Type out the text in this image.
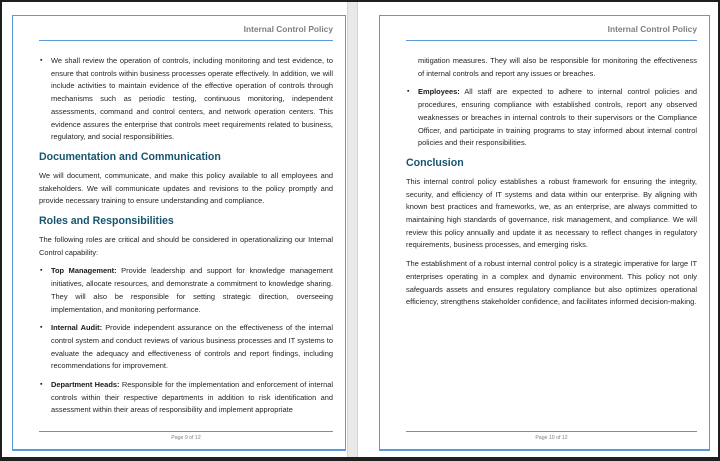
Internal Control Policy
▪ We shall review the operation of controls, including monitoring and test evidence, to ensure that controls within business processes operate effectively. In addition, we will include activities to maintain evidence of the effective operation of controls through mechanisms such as periodic testing, continuous monitoring, independent assessments, command and control centers, and network operation centers. This evidence assures the enterprise that controls meet requirements related to business, regulatory, and social responsibilities.
Documentation and Communication

We will document, communicate, and make this policy available to all employees and stakeholders. We will communicate updates and revisions to the policy promptly and provide necessary training to ensure understanding and compliance.

Roles and Responsibilities

The following roles are critical and should be considered in operationalizing our Internal Control capability:

▪ Top Management: Provide leadership and support for knowledge management initiatives, allocate resources, and demonstrate a commitment to knowledge sharing. They will also be responsible for setting strategic direction, overseeing implementation, and monitoring performance.
▪ Internal Audit: Provide independent assurance on the effectiveness of the internal control system and conduct reviews of various business processes and IT systems to evaluate the adequacy and effectiveness of controls and report findings, including recommendations for improvement.
▪ Department Heads: Responsible for the implementation and enforcement of internal controls within their respective departments in addition to risk identification and assessment within their areas of responsibility and implement appropriate
Page 9 of 12
Internal Control Policy
mitigation measures. They will also be responsible for monitoring the effectiveness of internal controls and report any issues or breaches.
▪ Employees: All staff are expected to adhere to internal control policies and procedures, ensuring compliance with established controls, report any observed weaknesses or breaches in internal controls to their supervisors or the Compliance Officer, and participate in training programs to stay informed about internal control policies and their responsibilities.
Conclusion

This internal control policy establishes a robust framework for ensuring the integrity, security, and efficiency of IT systems and data within our enterprise. By aligning with known best practices and frameworks, we, as an enterprise, are always committed to maintaining high standards of governance, risk management, and compliance. We will review this policy annually and update it as necessary to reflect changes in regulatory requirements, business processes, and emerging risks.

The establishment of a robust internal control policy is a strategic imperative for large IT enterprises operating in a complex and dynamic environment. This policy not only safeguards assets and ensures regulatory compliance but also optimizes operational efficiency, strengthens stakeholder confidence, and facilitates informed decision-making.

Page 10 of 12
